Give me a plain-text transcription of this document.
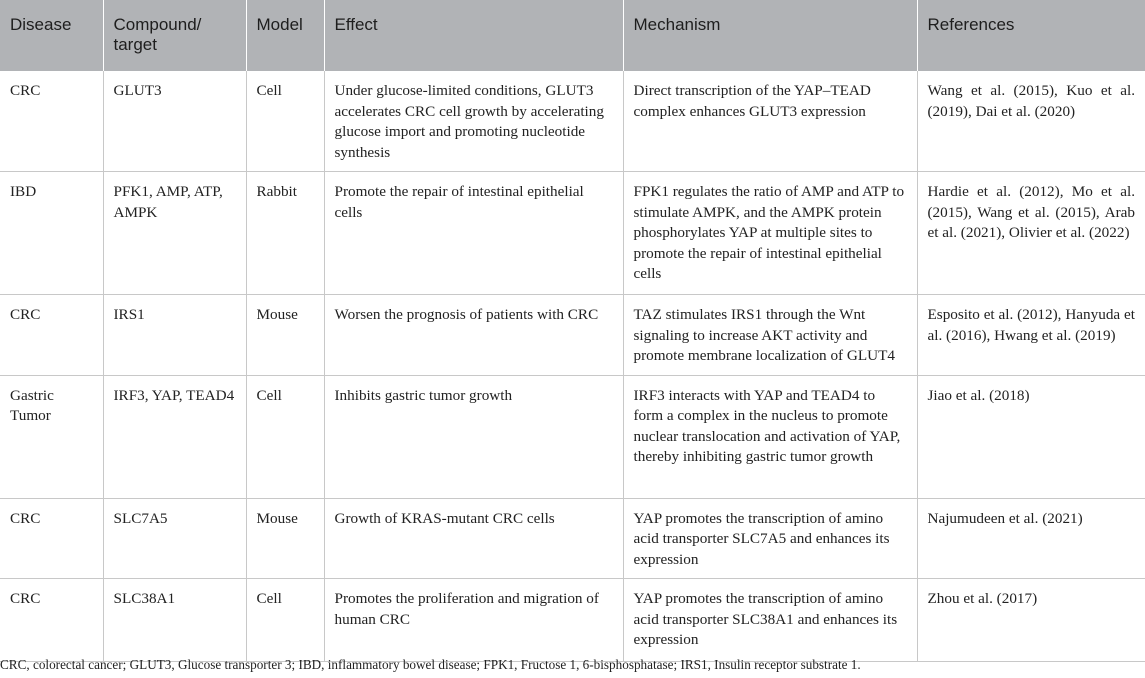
Disease	Compound/ target	Model	Effect	Mechanism	References
CRC	GLUT3	Cell	Under glucose-limited conditions, GLUT3 accelerates CRC cell growth by accelerating glucose import and promoting nucleotide synthesis	Direct transcription of the YAP–TEAD complex enhances GLUT3 expression	Wang et al. (2015), Kuo et al. (2019), Dai et al. (2020)
IBD	PFK1, AMP, ATP, AMPK	Rabbit	Promote the repair of intestinal epithelial cells	FPK1 regulates the ratio of AMP and ATP to stimulate AMPK, and the AMPK protein phosphorylates YAP at multiple sites to promote the repair of intestinal epithelial cells	Hardie et al. (2012), Mo et al. (2015), Wang et al. (2015), Arab et al. (2021), Olivier et al. (2022)
CRC	IRS1	Mouse	Worsen the prognosis of patients with CRC	TAZ stimulates IRS1 through the Wnt signaling to increase AKT activity and promote membrane localization of GLUT4	Esposito et al. (2012), Hanyuda et al. (2016), Hwang et al. (2019)
Gastric Tumor	IRF3, YAP, TEAD4	Cell	Inhibits gastric tumor growth	IRF3 interacts with YAP and TEAD4 to form a complex in the nucleus to promote nuclear translocation and activation of YAP, thereby inhibiting gastric tumor growth	Jiao et al. (2018)
CRC	SLC7A5	Mouse	Growth of KRAS-mutant CRC cells	YAP promotes the transcription of amino acid transporter SLC7A5 and enhances its expression	Najumudeen et al. (2021)
CRC	SLC38A1	Cell	Promotes the proliferation and migration of human CRC	YAP promotes the transcription of amino acid transporter SLC38A1 and enhances its expression	Zhou et al. (2017)
CRC, colorectal cancer; GLUT3, Glucose transporter 3; IBD, inflammatory bowel disease; FPK1, Fructose 1, 6-bisphosphatase; IRS1, Insulin receptor substrate 1.
